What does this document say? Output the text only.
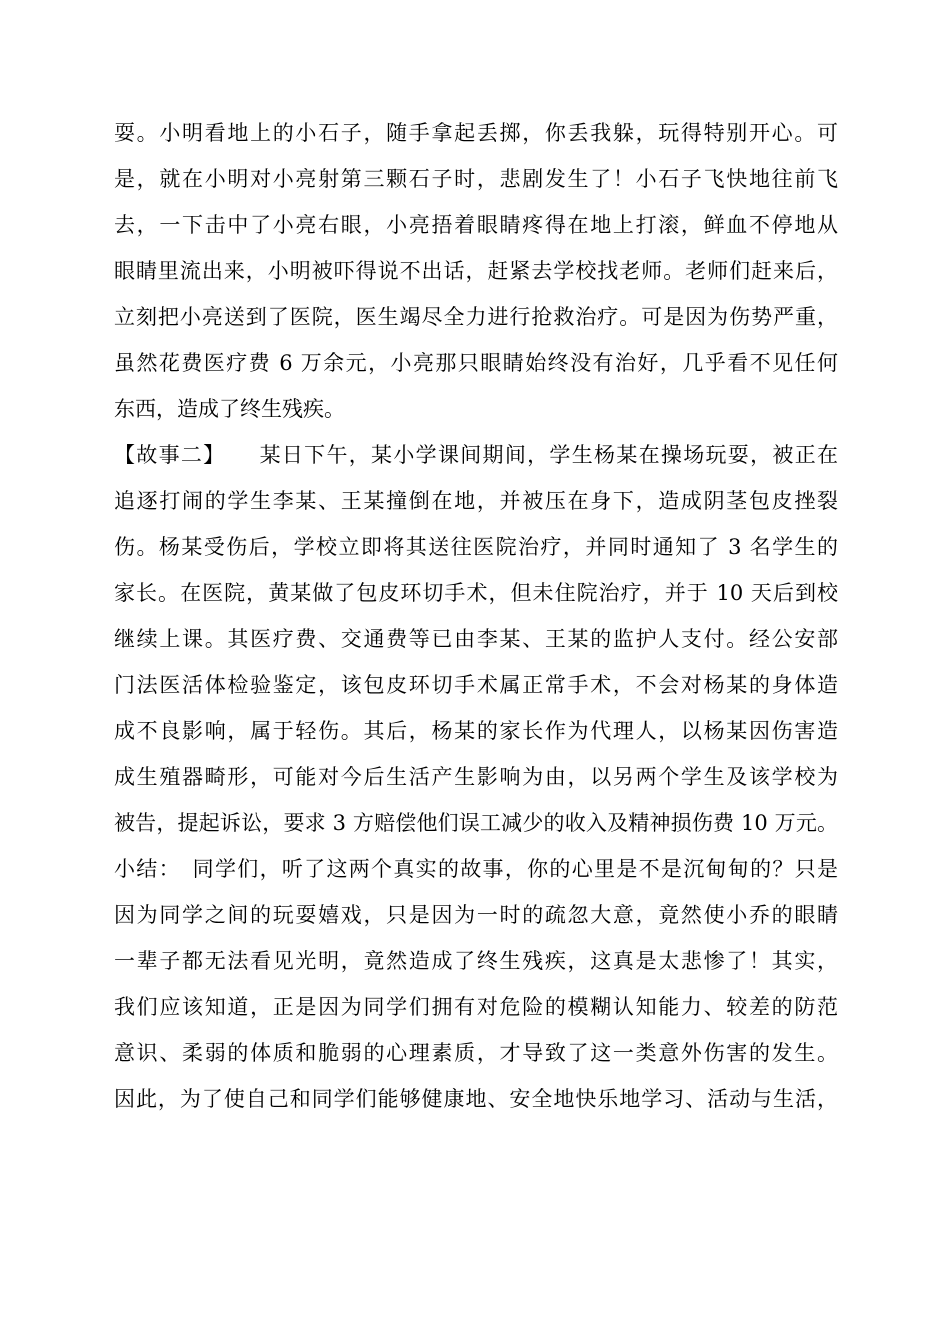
耍。小明看地上的小石子，随手拿起丢掷，你丢我躲，玩得特别开心。可
是，就在小明对小亮射第三颗石子时，悲剧发生了！小石子飞快地往前飞
去，一下击中了小亮右眼，小亮捂着眼睛疼得在地上打滚，鲜血不停地从
眼睛里流出来，小明被吓得说不出话，赶紧去学校找老师。老师们赶来后，
立刻把小亮送到了医院，医生竭尽全力进行抢救治疗。可是因为伤势严重，
虽然花费医疗费 6 万余元，小亮那只眼睛始终没有治好，几乎看不见任何
东西，造成了终生残疾。
【故事二】　　某日下午，某小学课间期间，学生杨某在操场玩耍，被正在
追逐打闹的学生李某、王某撞倒在地，并被压在身下，造成阴茎包皮挫裂
伤。杨某受伤后，学校立即将其送往医院治疗，并同时通知了 3 名学生的
家长。在医院，黄某做了包皮环切手术，但未住院治疗，并于 10 天后到校
继续上课。其医疗费、交通费等已由李某、王某的监护人支付。经公安部
门法医活体检验鉴定，该包皮环切手术属正常手术，不会对杨某的身体造
成不良影响，属于轻伤。其后，杨某的家长作为代理人，以杨某因伤害造
成生殖器畸形，可能对今后生活产生影响为由，以另两个学生及该学校为
被告，提起诉讼，要求 3 方赔偿他们误工减少的收入及精神损伤费 10 万元。
小结：　同学们，听了这两个真实的故事，你的心里是不是沉甸甸的？只是
因为同学之间的玩耍嬉戏，只是因为一时的疏忽大意，竟然使小乔的眼睛
一辈子都无法看见光明，竟然造成了终生残疾，这真是太悲惨了！其实，
我们应该知道，正是因为同学们拥有对危险的模糊认知能力、较差的防范
意识、柔弱的体质和脆弱的心理素质，才导致了这一类意外伤害的发生。
因此，为了使自己和同学们能够健康地、安全地快乐地学习、活动与生活，
